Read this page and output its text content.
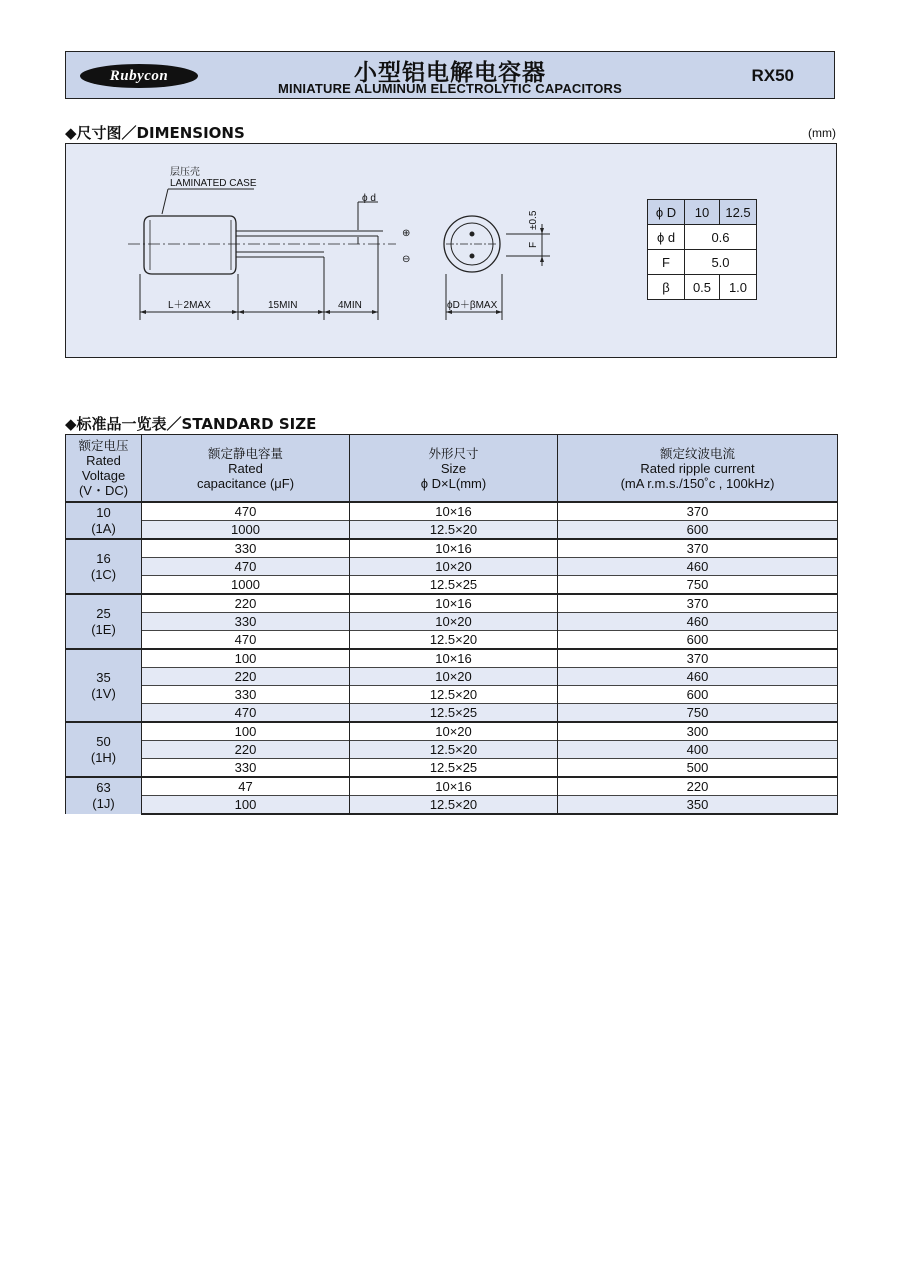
Rubycon	小型铝电解电容器
MINIATURE ALUMINUM ELECTROLYTIC CAPACITORS
RX50
◆尺寸图／DIMENSIONS	(mm)
层压壳
LAMINATED CASE
ϕ d
⊕
⊖
L＋2MAX	15MIN	4MIN	ϕD＋βMAX
±0.5
F
ϕ D	10	12.5
ϕ d	0.6	
F	5.0	
β	0.5	1.0
◆标准品一览表／STANDARD SIZE
额定电压
Rated
Voltage
(V・DC)	额定静电容量
Rated
capacitance (μF)	外形尺寸
Size
ϕ D×L(mm)	额定纹波电流
Rated ripple current
(mA r.m.s./150˚c , 100kHz)

10
(1A)	470	10×16	370
	1000	12.5×20	600

16
(1C)	330	10×16	370
	470	10×20	460
	1000	12.5×25	750

25
(1E)	220	10×16	370
	330	10×20	460
	470	12.5×20	600

35
(1V)	100	10×16	370
	220	10×20	460
	330	12.5×20	600
	470	12.5×25	750

50
(1H)	100	10×20	300
	220	12.5×20	400
	330	12.5×25	500

63
(1J)	47	10×16	220
	100	12.5×20	350
